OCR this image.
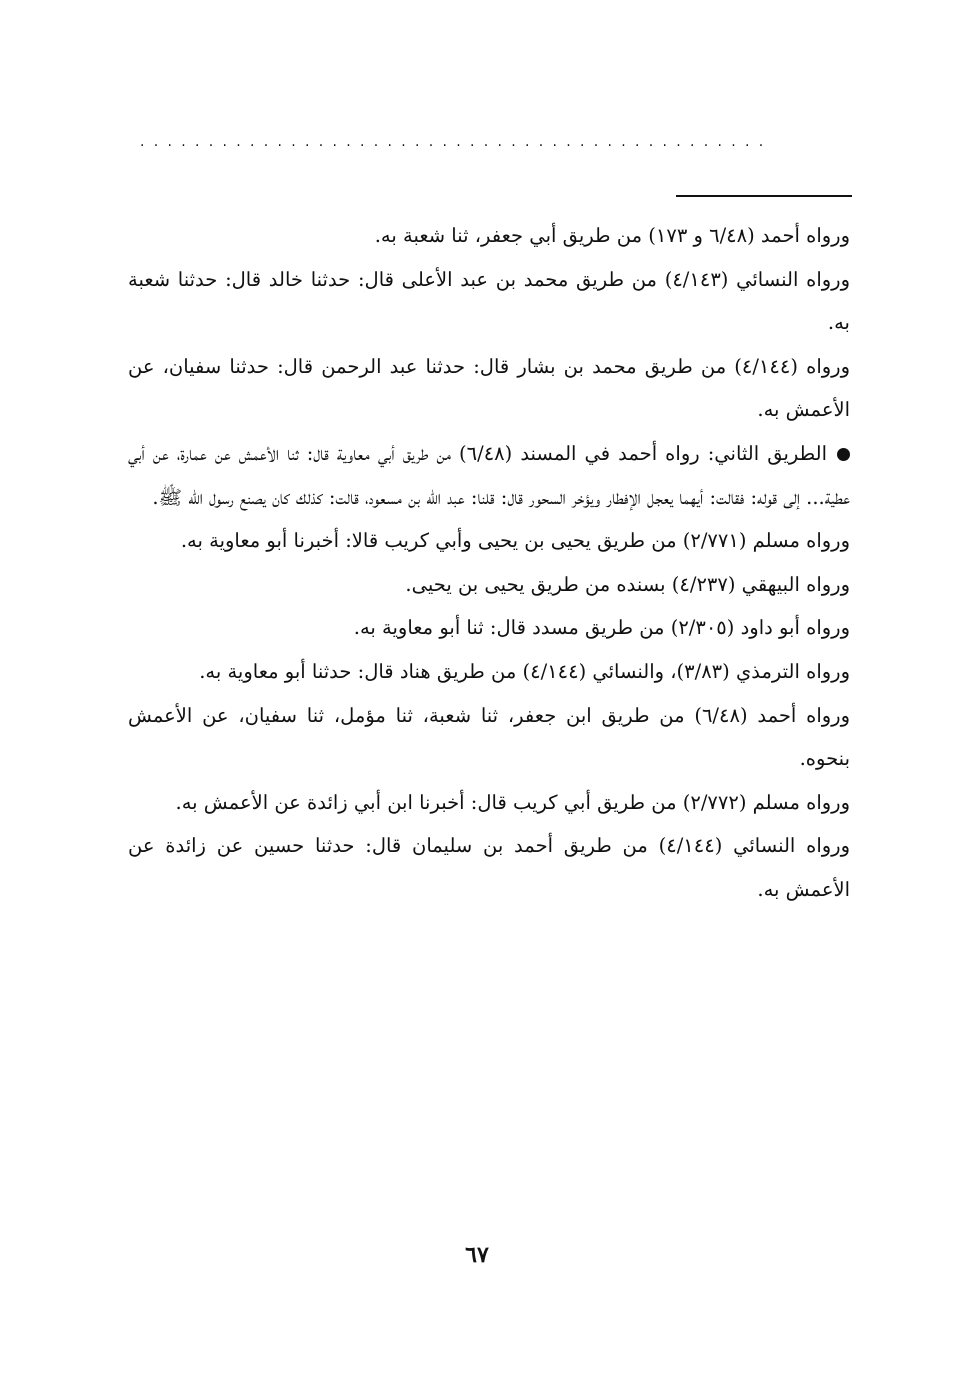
..............................................

ورواه أحمد (٦/٤٨ و ١٧٣) من طريق أبي جعفر، ثنا شعبة به.

ورواه النسائي (٤/١٤٣) من طريق محمد بن عبد الأعلى قال: حدثنا خالد قال: حدثنا شعبة به.

ورواه (٤/١٤٤) من طريق محمد بن بشار قال: حدثنا عبد الرحمن قال: حدثنا سفيان، عن الأعمش به.

الطريق الثاني: رواه أحمد في المسند (٦/٤٨) من طريق أبي معاوية قال: ثنا الأعمش عن عمارة، عن أبي عطية... إلى قوله: فقالت: أيهما يعجل الإفطار ويؤخر السحور قال: قلنا: عبد الله بن مسعود، قالت: كذلك كان يصنع رسول الله ﷺ.

ورواه مسلم (٢/٧٧١) من طريق يحيى بن يحيى وأبي كريب قالا: أخبرنا أبو معاوية به.

ورواه البيهقي (٤/٢٣٧) بسنده من طريق يحيى بن يحيى.

ورواه أبو داود (٢/٣٠٥) من طريق مسدد قال: ثنا أبو معاوية به.

ورواه الترمذي (٣/٨٣)، والنسائي (٤/١٤٤) من طريق هناد قال: حدثنا أبو معاوية به.

ورواه أحمد (٦/٤٨) من طريق ابن جعفر، ثنا شعبة، ثنا مؤمل، ثنا سفيان، عن الأعمش بنحوه.

ورواه مسلم (٢/٧٧٢) من طريق أبي كريب قال: أخبرنا ابن أبي زائدة عن الأعمش به.

ورواه النسائي (٤/١٤٤) من طريق أحمد بن سليمان قال: حدثنا حسين عن زائدة عن الأعمش به.

٦٧
